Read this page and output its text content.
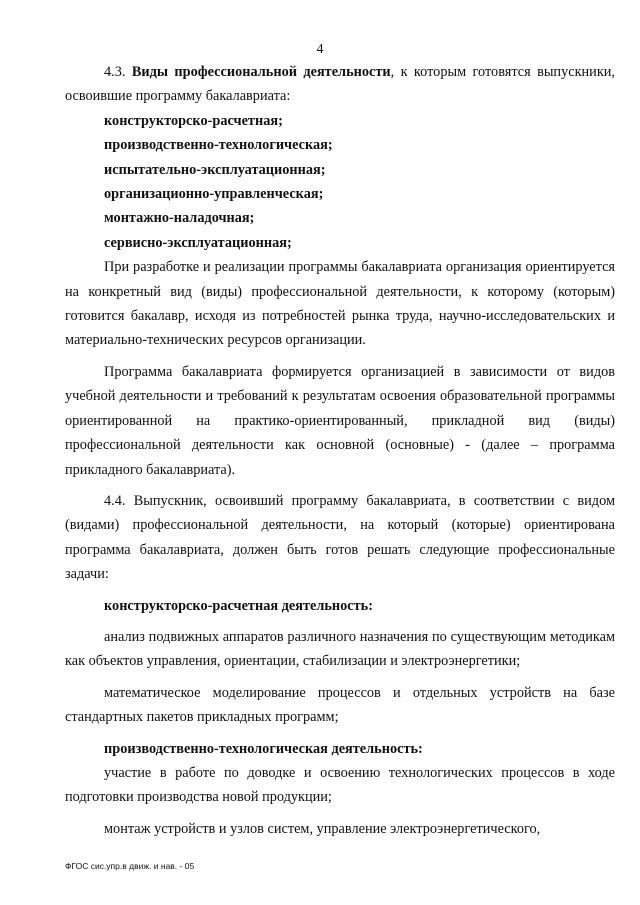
4

4.3. Виды профессиональной деятельности, к которым готовятся выпускники, освоившие программу бакалавриата:

конструкторско-расчетная;

производственно-технологическая;

испытательно-эксплуатационная;

организационно-управленческая;

монтажно-наладочная;

сервисно-эксплуатационная;

При разработке и реализации программы бакалавриата организация ориентируется на конкретный вид (виды) профессиональной деятельности, к которому (которым) готовится бакалавр, исходя из потребностей рынка труда, научно-исследовательских и материально-технических ресурсов организации.

Программа бакалавриата формируется организацией в зависимости от видов учебной деятельности и требований к результатам освоения образовательной программы ориентированной на практико-ориентированный, прикладной вид (виды) профессиональной деятельности как основной (основные) - (далее – программа прикладного бакалавриата).

4.4. Выпускник, освоивший программу бакалавриата, в соответствии с видом (видами) профессиональной деятельности, на который (которые) ориентирована программа бакалавриата, должен быть готов решать следующие профессиональные задачи:

конструкторско-расчетная деятельность:

анализ подвижных аппаратов различного назначения по существующим методикам как объектов управления, ориентации, стабилизации и электроэнергетики;

математическое моделирование процессов и отдельных устройств на базе стандартных пакетов прикладных программ;

производственно-технологическая деятельность:

участие в работе по доводке и освоению технологических процессов в ходе подготовки производства новой продукции;

монтаж устройств и узлов систем, управление электроэнергетического,

ФГОС сис.упр.в движ. и нав. - 05
